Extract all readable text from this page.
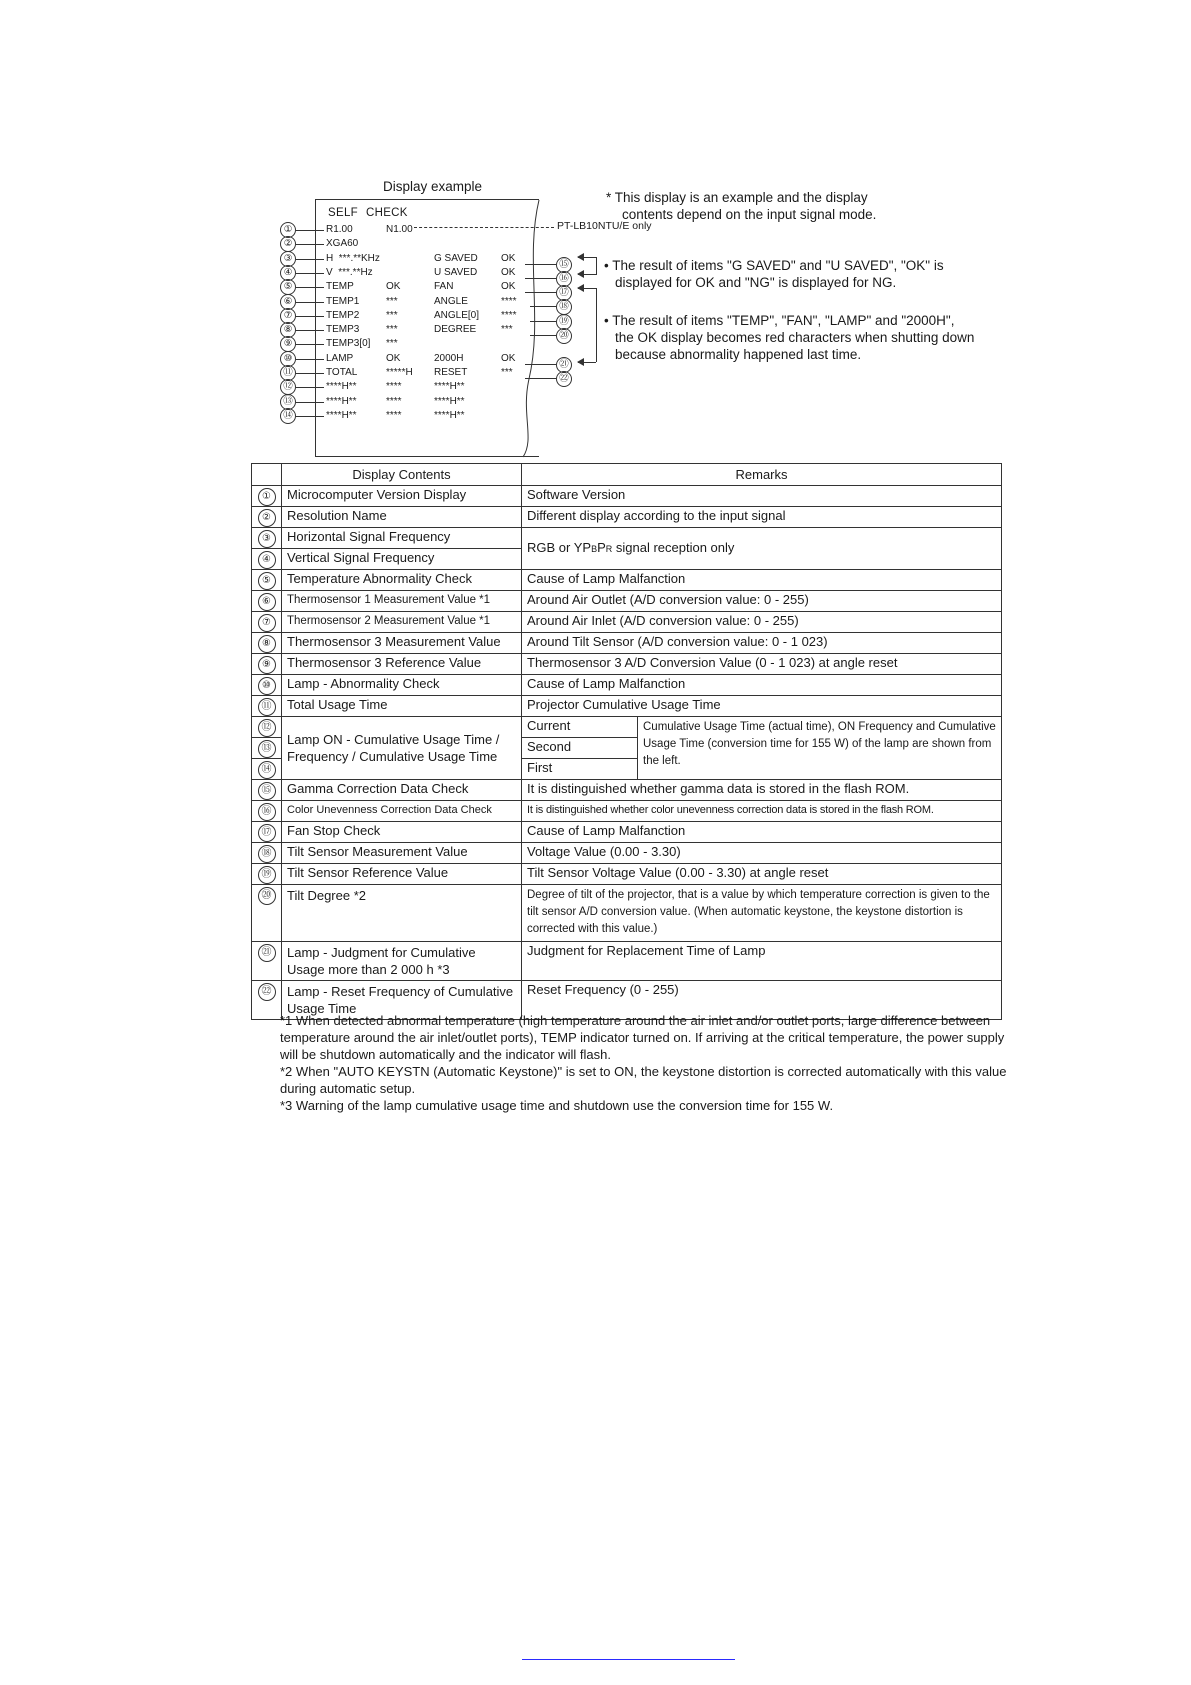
Display example
SELF CHECK
①	R1.00	N1.00
②	XGA60
③	H  ***.**KHz	G SAVED OK
④	V  ***.**Hz	U SAVED OK
⑤	TEMP	OK	FAN	OK
⑥	TEMP1	***	ANGLE	****
⑦	TEMP2	***	ANGLE[0] ****
⑧	TEMP3	***	DEGREE ***
⑨	TEMP3[0] ***
⑩	LAMP	OK	2000H	OK
⑪	TOTAL	*****H RESET	***
⑫	****H**	****	****H**
⑬	****H**	****	****H**
⑭	****H**	****	****H**
PT-LB10NTU/E only
⑮
⑯
⑰
⑱
⑲
⑳
㉑
㉒
* This display is an example and the display
contents depend on the input signal mode.
• The result of items "G SAVED" and "U SAVED", "OK" is
displayed for OK and "NG" is displayed for NG.
• The result of items "TEMP", "FAN", "LAMP" and "2000H",
the OK display becomes red characters when shutting down
because abnormality happened last time.
	Display Contents	Remarks	
①	Microcomputer Version Display	Software Version	
②	Resolution Name	Different display according to the input signal	
③	Horizontal Signal Frequency	RGB or YPBPR signal reception only	
④	Vertical Signal Frequency		
⑤	Temperature Abnormality Check	Cause of Lamp Malfanction	
⑥	Thermosensor 1 Measurement Value *1	Around Air Outlet (A/D conversion value: 0 - 255)	
⑦	Thermosensor 2 Measurement Value *1	Around Air Inlet (A/D conversion value: 0 - 255)	
⑧	Thermosensor 3 Measurement Value	Around Tilt Sensor (A/D conversion value: 0 - 1 023)	
⑨	Thermosensor 3 Reference Value	Thermosensor 3 A/D Conversion Value (0 - 1 023) at angle reset	
⑩	Lamp - Abnormality Check	Cause of Lamp Malfanction	
⑪	Total Usage Time	Projector Cumulative Usage Time	
⑫	Lamp ON - Cumulative Usage Time / Frequency / Cumulative Usage Time	Current	Cumulative Usage Time (actual time), ON Frequency and Cumulative Usage Time (conversion time for 155 W) of the lamp are shown from the left.
⑬		Second	
⑭		First	
⑮	Gamma Correction Data Check	It is distinguished whether gamma data is stored in the flash ROM.	
⑯	Color Unevenness Correction Data Check	It is distinguished whether color unevenness correction data is stored in the flash ROM.	
⑰	Fan Stop Check	Cause of Lamp Malfanction	
⑱	Tilt Sensor Measurement Value	Voltage Value (0.00 - 3.30)	
⑲	Tilt Sensor Reference Value	Tilt Sensor Voltage Value (0.00 - 3.30) at angle reset	
⑳	Tilt Degree *2	Degree of tilt of the projector, that is a value by which temperature correction is given to the tilt sensor A/D conversion value. (When automatic keystone, the keystone distortion is corrected with this value.)	
㉑	Lamp - Judgment for Cumulative Usage more than 2 000 h *3	Judgment for Replacement Time of Lamp	
㉒	Lamp - Reset Frequency of Cumulative Usage Time	Reset Frequency (0 - 255)	
*1 When detected abnormal temperature (high temperature around the air inlet and/or outlet ports, large difference between temperature around the air inlet/outlet ports), TEMP indicator turned on. If arriving at the critical temperature, the power supply will be shutdown automatically and the indicator will flash.
*2 When "AUTO KEYSTN (Automatic Keystone)" is set to ON, the keystone distortion is corrected automatically with this value during automatic setup.
*3 Warning of the lamp cumulative usage time and shutdown use the conversion time for 155 W.
